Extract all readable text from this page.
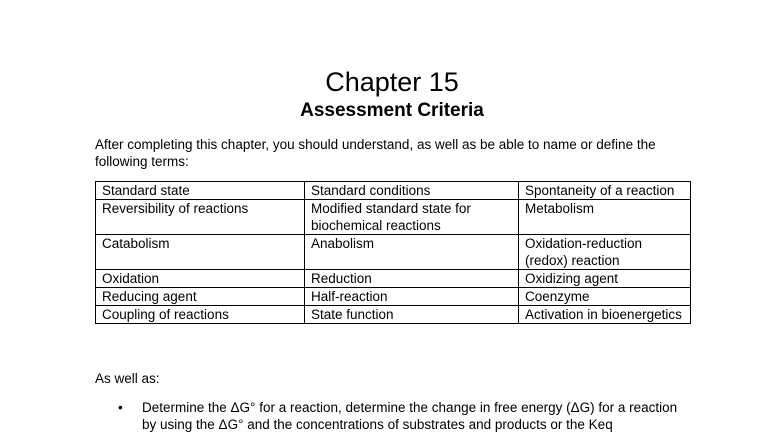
Chapter 15
Assessment Criteria

After completing this chapter, you should understand, as well as be able to name or define the following terms:

Standard state	Standard conditions	Spontaneity of a reaction
Reversibility of reactions	Modified standard state for biochemical reactions	Metabolism
Catabolism	Anabolism	Oxidation-reduction (redox) reaction
Oxidation	Reduction	Oxidizing agent
Reducing agent	Half-reaction	Coenzyme
Coupling of reactions	State function	Activation in bioenergetics

As well as:

• Determine the ΔG° for a reaction, determine the change in free energy (ΔG) for a reaction by using the ΔG° and the concentrations of substrates and products or the Keq
